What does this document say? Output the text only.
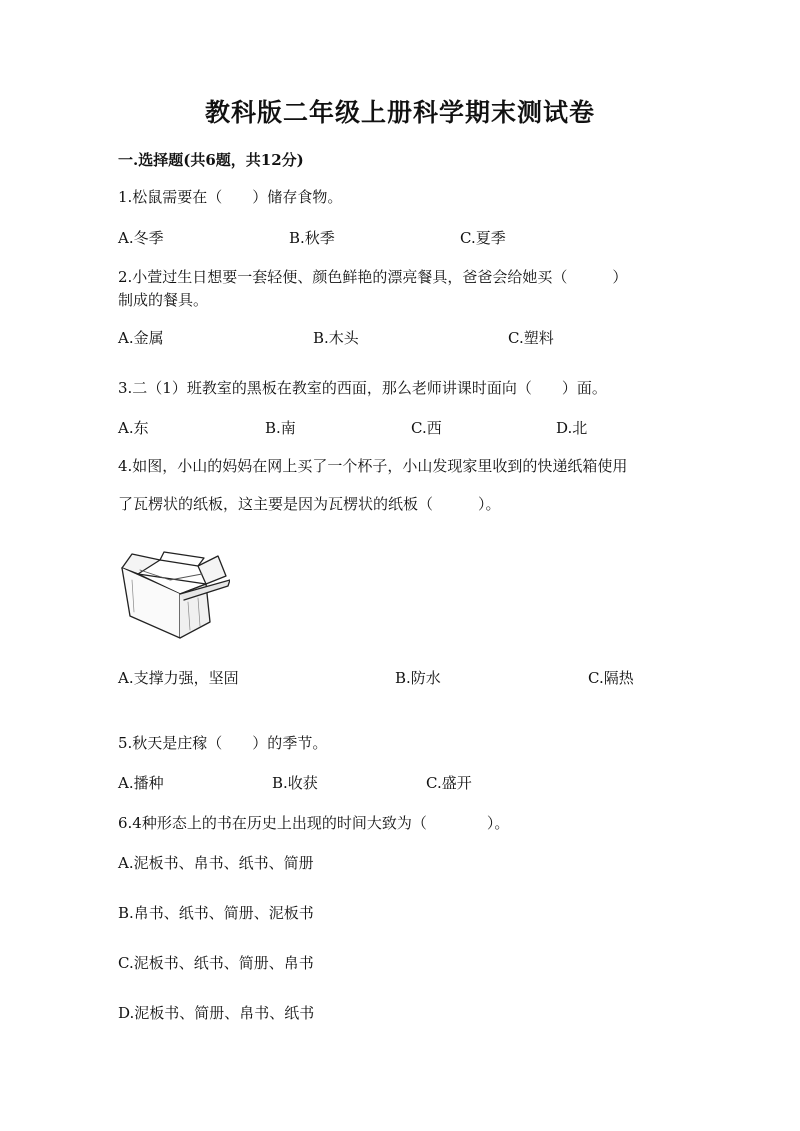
教科版二年级上册科学期末测试卷
一.选择题(共6题，共12分)
1.松鼠需要在（　　）储存食物。
A.冬季	B.秋季	C.夏季
2.小萱过生日想要一套轻便、颜色鲜艳的漂亮餐具，爸爸会给她买（　　　）
制成的餐具。
A.金属	B.木头	C.塑料
3.二（1）班教室的黑板在教室的西面，那么老师讲课时面向（　　）面。
A.东	B.南	C.西	D.北
4.如图，小山的妈妈在网上买了一个杯子，小山发现家里收到的快递纸箱使用
了瓦楞状的纸板，这主要是因为瓦楞状的纸板（　　　）。
A.支撑力强，坚固	B.防水	C.隔热
5.秋天是庄稼（　　）的季节。
A.播种	B.收获	C.盛开
6.4种形态上的书在历史上出现的时间大致为（　　　　）。
A.泥板书、帛书、纸书、简册
B.帛书、纸书、简册、泥板书
C.泥板书、纸书、简册、帛书
D.泥板书、简册、帛书、纸书
